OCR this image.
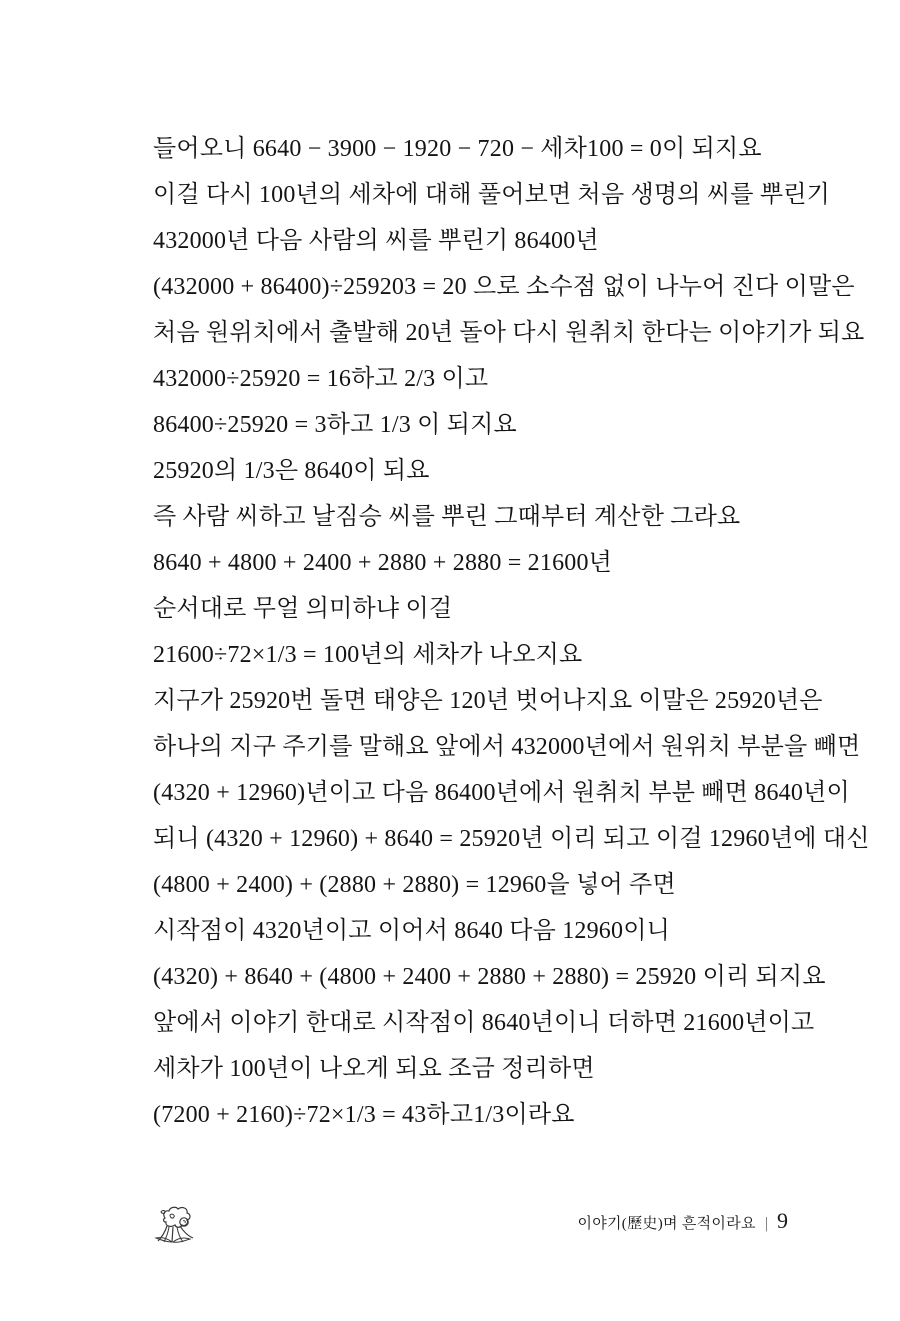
들어오니 6640 − 3900 − 1920 − 720 − 세차100 = 0이 되지요

이걸 다시 100년의 세차에 대해 풀어보면 처음 생명의 씨를 뿌린기

432000년 다음 사람의 씨를 뿌린기 86400년

(432000 + 86400)÷259203 = 20 으로 소수점 없이 나누어 진다 이말은

처음 원위치에서 출발해 20년 돌아 다시 원취치 한다는 이야기가 되요

432000÷25920 = 16하고 2/3 이고

86400÷25920 = 3하고 1/3 이 되지요

25920의 1/3은 8640이 되요

즉 사람 씨하고 날짐승 씨를 뿌린 그때부터 계산한 그라요

8640 + 4800 + 2400 + 2880 + 2880 = 21600년

순서대로 무얼 의미하냐 이걸

21600÷72×1/3 = 100년의 세차가 나오지요

지구가 25920번 돌면 태양은 120년 벗어나지요 이말은 25920년은

하나의 지구 주기를 말해요 앞에서 432000년에서 원위치 부분을 빼면

(4320 + 12960)년이고 다음 86400년에서 원취치 부분 빼면 8640년이

되니 (4320 + 12960) + 8640 = 25920년 이리 되고 이걸 12960년에 대신

(4800 + 2400) + (2880 + 2880) = 12960을 넣어 주면

시작점이 4320년이고 이어서 8640 다음 12960이니

(4320) + 8640 + (4800 + 2400 + 2880 + 2880) = 25920 이리 되지요

앞에서 이야기 한대로 시작점이 8640년이니 더하면 21600년이고

세차가 100년이 나오게 되요 조금 정리하면

(7200 + 2160)÷72×1/3 = 43하고1/3이라요

이야기(歷史)며 흔적이라요 | 9
